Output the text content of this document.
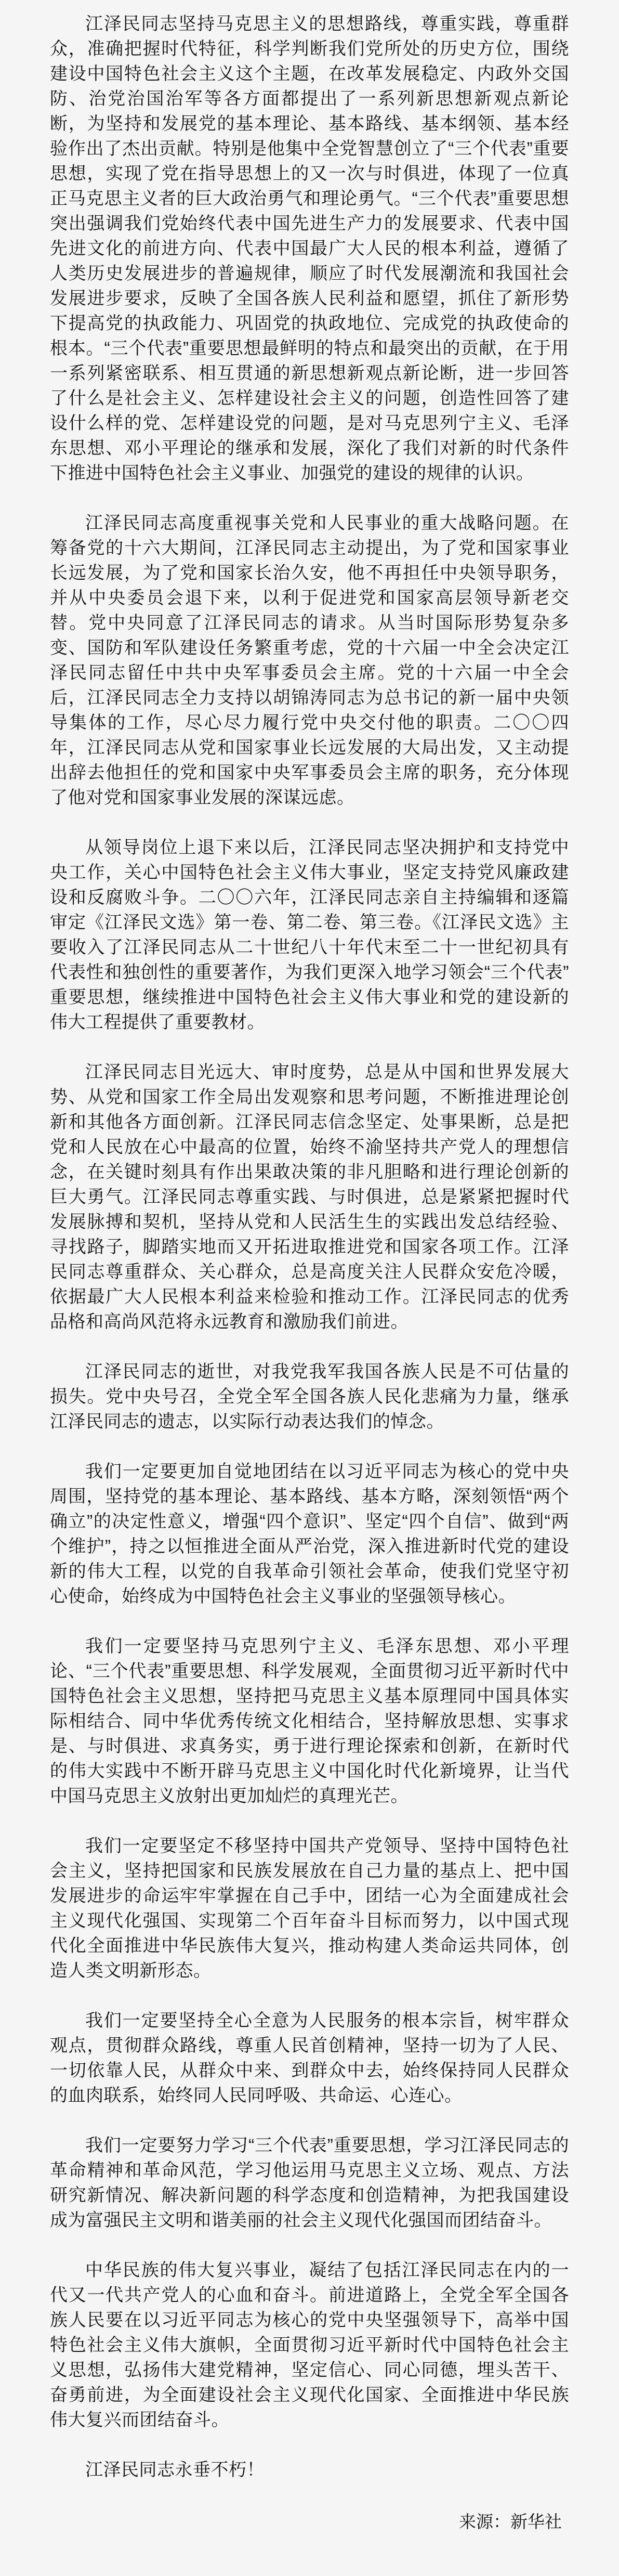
江泽民同志坚持马克思主义的思想路线，尊重实践，尊重群众，准确把握时代特征，科学判断我们党所处的历史方位，围绕建设中国特色社会主义这个主题，在改革发展稳定、内政外交国防、治党治国治军等各方面都提出了一系列新思想新观点新论断，为坚持和发展党的基本理论、基本路线、基本纲领、基本经验作出了杰出贡献。特别是他集中全党智慧创立了“三个代表”重要思想，实现了党在指导思想上的又一次与时俱进，体现了一位真正马克思主义者的巨大政治勇气和理论勇气。“三个代表”重要思想突出强调我们党始终代表中国先进生产力的发展要求、代表中国先进文化的前进方向、代表中国最广大人民的根本利益，遵循了人类历史发展进步的普遍规律，顺应了时代发展潮流和我国社会发展进步要求，反映了全国各族人民利益和愿望，抓住了新形势下提高党的执政能力、巩固党的执政地位、完成党的执政使命的根本。“三个代表”重要思想最鲜明的特点和最突出的贡献，在于用一系列紧密联系、相互贯通的新思想新观点新论断，进一步回答了什么是社会主义、怎样建设社会主义的问题，创造性回答了建设什么样的党、怎样建设党的问题，是对马克思列宁主义、毛泽东思想、邓小平理论的继承和发展，深化了我们对新的时代条件下推进中国特色社会主义事业、加强党的建设的规律的认识。

江泽民同志高度重视事关党和人民事业的重大战略问题。在筹备党的十六大期间，江泽民同志主动提出，为了党和国家事业长远发展，为了党和国家长治久安，他不再担任中央领导职务，并从中央委员会退下来，以利于促进党和国家高层领导新老交替。党中央同意了江泽民同志的请求。从当时国际形势复杂多变、国防和军队建设任务繁重考虑，党的十六届一中全会决定江泽民同志留任中共中央军事委员会主席。党的十六届一中全会后，江泽民同志全力支持以胡锦涛同志为总书记的新一届中央领导集体的工作，尽心尽力履行党中央交付他的职责。二〇〇四年，江泽民同志从党和国家事业长远发展的大局出发，又主动提出辞去他担任的党和国家中央军事委员会主席的职务，充分体现了他对党和国家事业发展的深谋远虑。

从领导岗位上退下来以后，江泽民同志坚决拥护和支持党中央工作，关心中国特色社会主义伟大事业，坚定支持党风廉政建设和反腐败斗争。二〇〇六年，江泽民同志亲自主持编辑和逐篇审定《江泽民文选》第一卷、第二卷、第三卷。《江泽民文选》主要收入了江泽民同志从二十世纪八十年代末至二十一世纪初具有代表性和独创性的重要著作，为我们更深入地学习领会“三个代表”重要思想，继续推进中国特色社会主义伟大事业和党的建设新的伟大工程提供了重要教材。

江泽民同志目光远大、审时度势，总是从中国和世界发展大势、从党和国家工作全局出发观察和思考问题，不断推进理论创新和其他各方面创新。江泽民同志信念坚定、处事果断，总是把党和人民放在心中最高的位置，始终不渝坚持共产党人的理想信念，在关键时刻具有作出果敢决策的非凡胆略和进行理论创新的巨大勇气。江泽民同志尊重实践、与时俱进，总是紧紧把握时代发展脉搏和契机，坚持从党和人民活生生的实践出发总结经验、寻找路子，脚踏实地而又开拓进取推进党和国家各项工作。江泽民同志尊重群众、关心群众，总是高度关注人民群众安危冷暖，依据最广大人民根本利益来检验和推动工作。江泽民同志的优秀品格和高尚风范将永远教育和激励我们前进。

江泽民同志的逝世，对我党我军我国各族人民是不可估量的损失。党中央号召，全党全军全国各族人民化悲痛为力量，继承江泽民同志的遗志，以实际行动表达我们的悼念。

我们一定要更加自觉地团结在以习近平同志为核心的党中央周围，坚持党的基本理论、基本路线、基本方略，深刻领悟“两个确立”的决定性意义，增强“四个意识”、坚定“四个自信”、做到“两个维护”，持之以恒推进全面从严治党，深入推进新时代党的建设新的伟大工程，以党的自我革命引领社会革命，使我们党坚守初心使命，始终成为中国特色社会主义事业的坚强领导核心。

我们一定要坚持马克思列宁主义、毛泽东思想、邓小平理论、“三个代表”重要思想、科学发展观，全面贯彻习近平新时代中国特色社会主义思想，坚持把马克思主义基本原理同中国具体实际相结合、同中华优秀传统文化相结合，坚持解放思想、实事求是、与时俱进、求真务实，勇于进行理论探索和创新，在新时代的伟大实践中不断开辟马克思主义中国化时代化新境界，让当代中国马克思主义放射出更加灿烂的真理光芒。

我们一定要坚定不移坚持中国共产党领导、坚持中国特色社会主义，坚持把国家和民族发展放在自己力量的基点上、把中国发展进步的命运牢牢掌握在自己手中，团结一心为全面建成社会主义现代化强国、实现第二个百年奋斗目标而努力，以中国式现代化全面推进中华民族伟大复兴，推动构建人类命运共同体，创造人类文明新形态。

我们一定要坚持全心全意为人民服务的根本宗旨，树牢群众观点，贯彻群众路线，尊重人民首创精神，坚持一切为了人民、一切依靠人民，从群众中来、到群众中去，始终保持同人民群众的血肉联系，始终同人民同呼吸、共命运、心连心。

我们一定要努力学习“三个代表”重要思想，学习江泽民同志的革命精神和革命风范，学习他运用马克思主义立场、观点、方法研究新情况、解决新问题的科学态度和创造精神，为把我国建设成为富强民主文明和谐美丽的社会主义现代化强国而团结奋斗。

中华民族的伟大复兴事业，凝结了包括江泽民同志在内的一代又一代共产党人的心血和奋斗。前进道路上，全党全军全国各族人民要在以习近平同志为核心的党中央坚强领导下，高举中国特色社会主义伟大旗帜，全面贯彻习近平新时代中国特色社会主义思想，弘扬伟大建党精神，坚定信心、同心同德，埋头苦干、奋勇前进，为全面建设社会主义现代化国家、全面推进中华民族伟大复兴而团结奋斗。

江泽民同志永垂不朽！

来源：新华社
